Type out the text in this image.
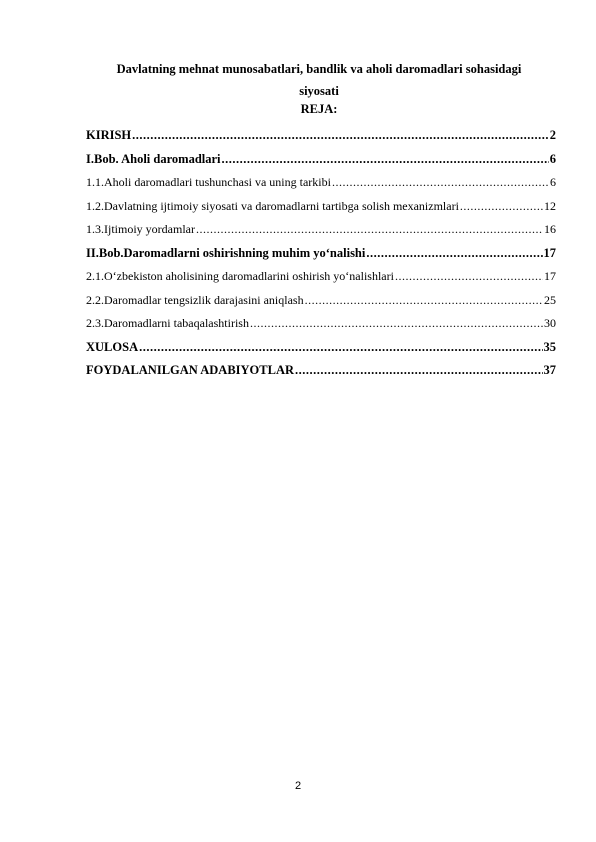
Davlatning mehnat munosabatlari, bandlik va aholi daromadlari sohasidagi
siyosati
REJA:
KIRISH .....	2
I.Bob. Aholi daromadlari .....	6
1.1.Aholi daromadlari tushunchasi va uning tarkibi .....	6
1.2.Davlatning ijtimoiy siyosati va daromadlarni tartibga solish mexanizmlari .....	12
1.3.Ijtimoiy yordamlar .....	16
II.Bob.Daromadlarni oshirishning muhim yo‘nalishi .....	17
2.1.O‘zbekiston aholisining daromadlarini oshirish yo‘nalishlari .....	17
2.2.Daromadlar tengsizlik darajasini aniqlash .....	25
2.3.Daromadlarni tabaqalashtirish .....	30
XULOSA .....	35
FOYDALANILGAN ADABIYOTLAR .....	37
2
